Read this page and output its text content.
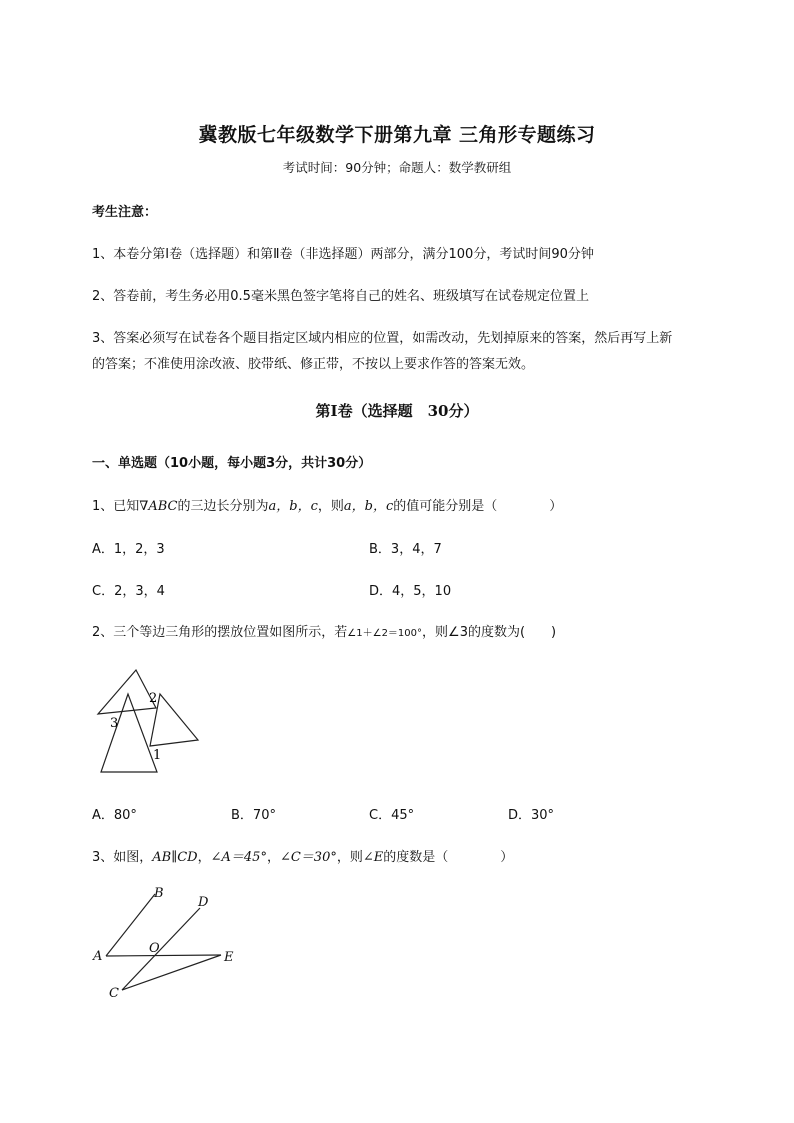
冀教版七年级数学下册第九章 三角形专题练习
考试时间：90分钟；命题人：数学教研组
考生注意：
1、本卷分第Ⅰ卷（选择题）和第Ⅱ卷（非选择题）两部分，满分100分，考试时间90分钟
2、答卷前，考生务必用0.5毫米黑色签字笔将自己的姓名、班级填写在试卷规定位置上
3、答案必须写在试卷各个题目指定区域内相应的位置，如需改动，先划掉原来的答案，然后再写上新
的答案；不准使用涂改液、胶带纸、修正带，不按以上要求作答的答案无效。
第Ⅰ卷（选择题　30分）
一、单选题（10小题，每小题3分，共计30分）
1、已知∇ABC的三边长分别为a，b，c，则a，b，c的值可能分别是（　　　　）
A．1，2，3	B．3，4，7
C．2，3，4	D．4，5，10
2、三个等边三角形的摆放位置如图所示，若∠1＋∠2＝100°，则∠3的度数为(　　)
2
3
1
A．80°	B．70°	C．45°	D．30°
3、如图，AB∥CD，∠A＝45°，∠C＝30°，则∠E的度数是（　　　　）
B
D
A
O
E
C
